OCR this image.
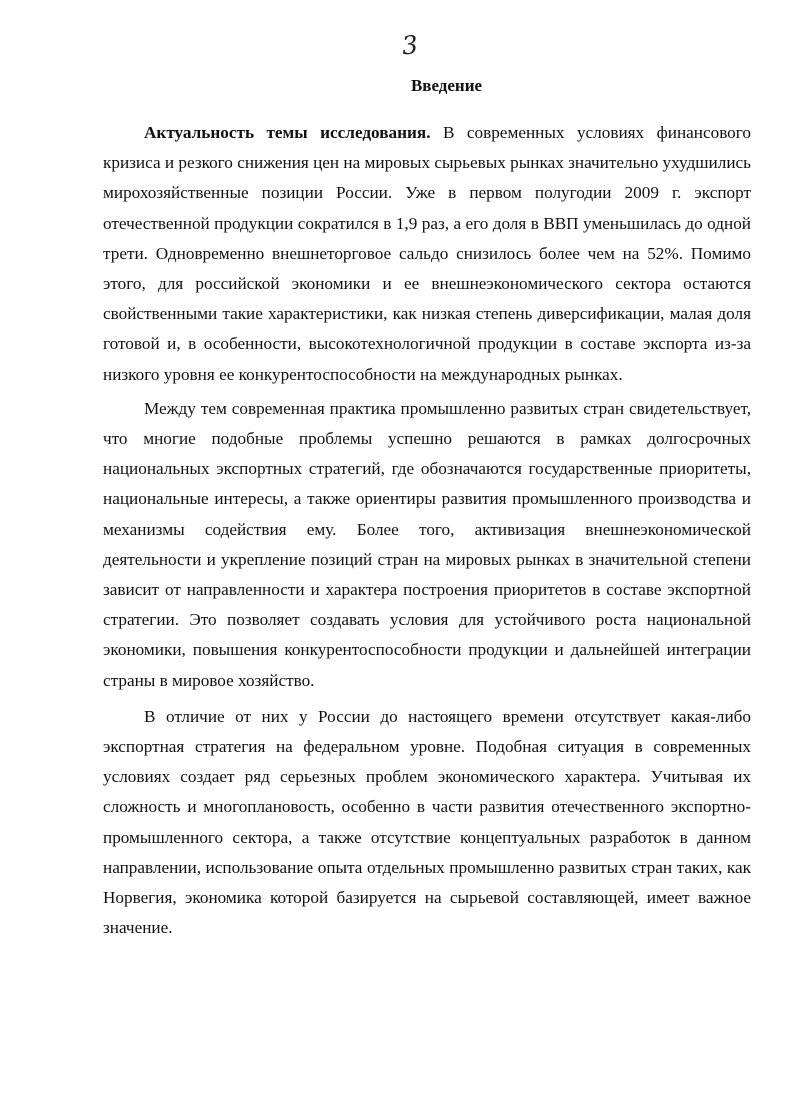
3
Введение

Актуальность темы исследования. В современных условиях финансового кризиса и резкого снижения цен на мировых сырьевых рынках значительно ухудшились мирохозяйственные позиции России. Уже в первом полугодии 2009 г. экспорт отечественной продукции сократился в 1,9 раз, а его доля в ВВП уменьшилась до одной трети. Одновременно внешнеторговое сальдо снизилось более чем на 52%. Помимо этого, для российской экономики и ее внешнеэкономического сектора остаются свойственными такие характеристики, как низкая степень диверсификации, малая доля готовой и, в особенности, высокотехнологичной продукции в составе экспорта из-за низкого уровня ее конкурентоспособности на международных рынках.

Между тем современная практика промышленно развитых стран свидетельствует, что многие подобные проблемы успешно решаются в рамках долгосрочных национальных экспортных стратегий, где обозначаются государственные приоритеты, национальные интересы, а также ориентиры развития промышленного производства и механизмы содействия ему. Более того, активизация внешнеэкономической деятельности и укрепление позиций стран на мировых рынках в значительной степени зависит от направленности и характера построения приоритетов в составе экспортной стратегии. Это позволяет создавать условия для устойчивого роста национальной экономики, повышения конкурентоспособности продукции и дальнейшей интеграции страны в мировое хозяйство.

В отличие от них у России до настоящего времени отсутствует какая-либо экспортная стратегия на федеральном уровне. Подобная ситуация в современных условиях создает ряд серьезных проблем экономического характера. Учитывая их сложность и многоплановость, особенно в части развития отечественного экспортно-промышленного сектора, а также отсутствие концептуальных разработок в данном направлении, использование опыта отдельных промышленно развитых стран таких, как Норвегия, экономика которой базируется на сырьевой составляющей, имеет важное значение.
